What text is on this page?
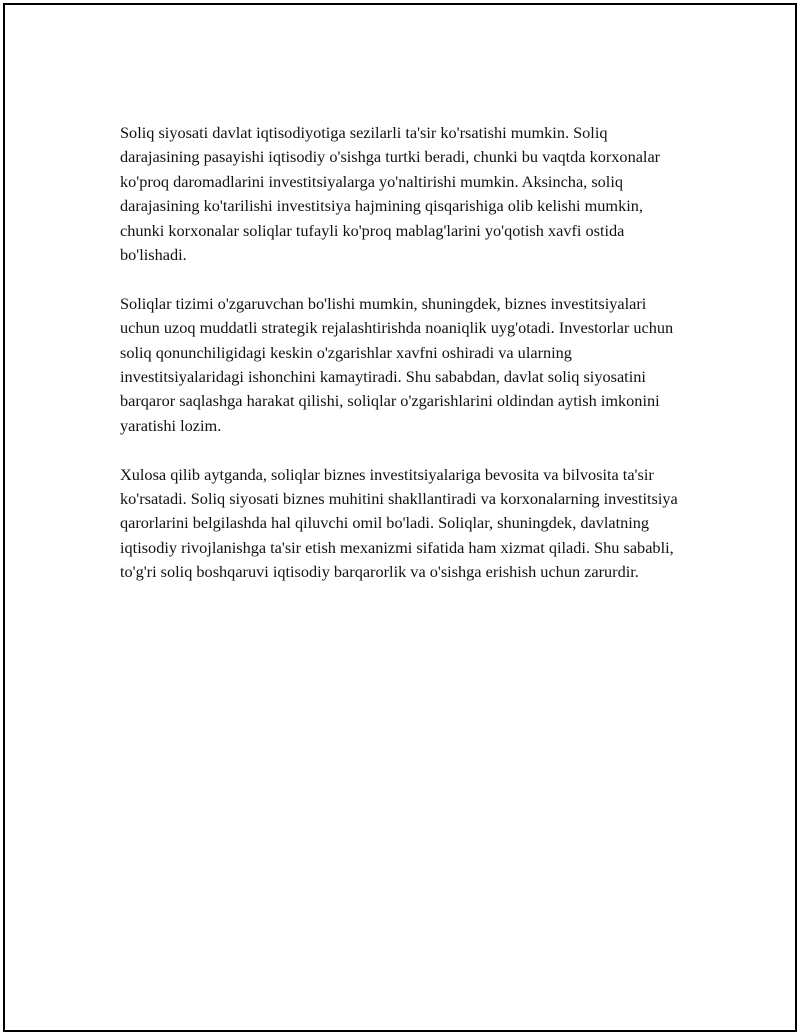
Soliq siyosati davlat iqtisodiyotiga sezilarli ta'sir ko'rsatishi mumkin. Soliq darajasining pasayishi iqtisodiy o'sishga turtki beradi, chunki bu vaqtda korxonalar ko'proq daromadlarini investitsiyalarga yo'naltirishi mumkin. Aksincha, soliq darajasining ko'tarilishi investitsiya hajmining qisqarishiga olib kelishi mumkin, chunki korxonalar soliqlar tufayli ko'proq mablag'larini yo'qotish xavfi ostida bo'lishadi.

Soliqlar tizimi o'zgaruvchan bo'lishi mumkin, shuningdek, biznes investitsiyalari uchun uzoq muddatli strategik rejalashtirishda noaniqlik uyg'otadi. Investorlar uchun soliq qonunchiligidagi keskin o'zgarishlar xavfni oshiradi va ularning investitsiyalaridagi ishonchini kamaytiradi. Shu sababdan, davlat soliq siyosatini barqaror saqlashga harakat qilishi, soliqlar o'zgarishlarini oldindan aytish imkonini yaratishi lozim.

Xulosa qilib aytganda, soliqlar biznes investitsiyalariga bevosita va bilvosita ta'sir ko'rsatadi. Soliq siyosati biznes muhitini shakllantiradi va korxonalarning investitsiya qarorlarini belgilashda hal qiluvchi omil bo'ladi. Soliqlar, shuningdek, davlatning iqtisodiy rivojlanishga ta'sir etish mexanizmi sifatida ham xizmat qiladi. Shu sababli, to'g'ri soliq boshqaruvi iqtisodiy barqarorlik va o'sishga erishish uchun zarurdir.
